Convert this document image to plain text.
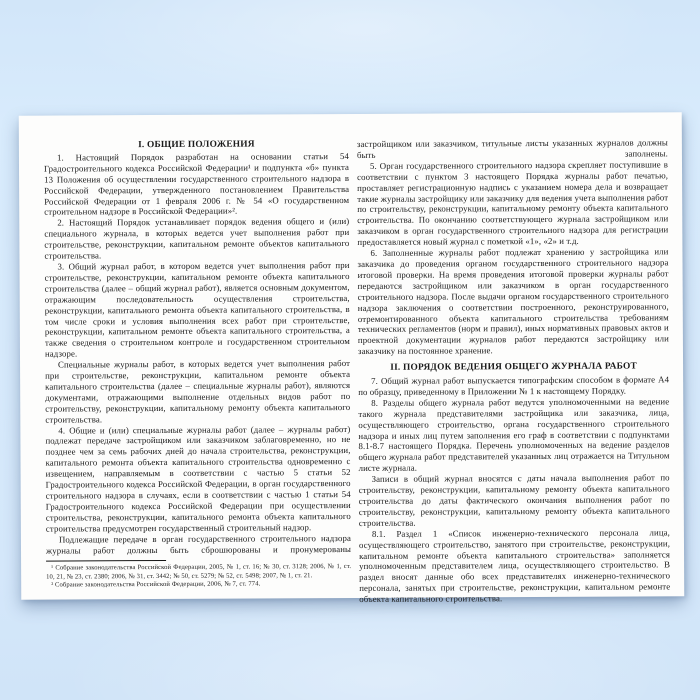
I. ОБЩИЕ ПОЛОЖЕНИЯ

1. Настоящий Порядок разработан на основании статьи 54 Градостроительного кодекса Российской Федерации¹ и подпункта «б» пункта 13 Положения об осуществлении государственного строительного надзора в Российской Федерации, утвержденного постановлением Правительства Российской Федерации от 1 февраля 2006 г. № 54 «О государственном строительном надзоре в Российской Федерации»².

2. Настоящий Порядок устанавливает порядок ведения общего и (или) специального журнала, в которых ведется учет выполнения работ при строительстве, реконструкции, капитальном ремонте объектов капитального строительства.

3. Общий журнал работ, в котором ведется учет выполнения работ при строительстве, реконструкции, капитальном ремонте объекта капитального строительства (далее – общий журнал работ), является основным документом, отражающим последовательность осуществления строительства, реконструкции, капитального ремонта объекта капитального строительства, в том числе сроки и условия выполнения всех работ при строительстве, реконструкции, капитальном ремонте объекта капитального строительства, а также сведения о строительном контроле и государственном строительном надзоре.

Специальные журналы работ, в которых ведется учет выполнения работ при строительстве, реконструкции, капитальном ремонте объекта капитального строительства (далее – специальные журналы работ), являются документами, отражающими выполнение отдельных видов работ по строительству, реконструкции, капитальному ремонту объекта капитального строительства.

4. Общие и (или) специальные журналы работ (далее – журналы работ) подлежат передаче застройщиком или заказчиком заблаговременно, но не позднее чем за семь рабочих дней до начала строительства, реконструкции, капитального ремонта объекта капитального строительства одновременно с извещением, направляемым в соответствии с частью 5 статьи 52 Градостроительного кодекса Российской Федерации, в орган государственного строительного надзора в случаях, если в соответствии с частью 1 статьи 54 Градостроительного кодекса Российской Федерации при осуществлении строительства, реконструкции, капитального ремонта объекта капитального строительства предусмотрен государственный строительный надзор.

Подлежащие передаче в орган государственного строительного надзора журналы работ должны быть сброшюрованы и пронумерованы

¹ Собрание законодательства Российской Федерации, 2005, № 1, ст. 16; № 30, ст. 3128; 2006, № 1, ст. 10, 21, № 23, ст. 2380; 2006, № 31, ст. 3442; № 50, ст. 5279; № 52, ст. 5498; 2007, № 1, ст. 21.

² Собрание законодательства Российской Федерации, 2006, № 7, ст. 774.

застройщиком или заказчиком, титульные листы указанных журналов должны быть заполнены.

5. Орган государственного строительного надзора скрепляет поступившие в соответствии с пунктом 3 настоящего Порядка журналы работ печатью, проставляет регистрационную надпись с указанием номера дела и возвращает такие журналы застройщику или заказчику для ведения учета выполнения работ по строительству, реконструкции, капитальному ремонту объекта капитального строительства. По окончанию соответствующего журнала застройщиком или заказчиком в орган государственного строительного надзора для регистрации предоставляется новый журнал с пометкой «1», «2» и т.д.

6. Заполненные журналы работ подлежат хранению у застройщика или заказчика до проведения органом государственного строительного надзора итоговой проверки. На время проведения итоговой проверки журналы работ передаются застройщиком или заказчиком в орган государственного строительного надзора. После выдачи органом государственного строительного надзора заключения о соответствии построенного, реконструированного, отремонтированного объекта капитального строительства требованиям технических регламентов (норм и правил), иных нормативных правовых актов и проектной документации журналов работ передаются застройщику или заказчику на постоянное хранение.

II. ПОРЯДОК ВЕДЕНИЯ ОБЩЕГО ЖУРНАЛА РАБОТ

7. Общий журнал работ выпускается типографским способом в формате А4 по образцу, приведенному в Приложении № 1 к настоящему Порядку.

8. Разделы общего журнала работ ведутся уполномоченными на ведение такого журнала представителями застройщика или заказчика, лица, осуществляющего строительство, органа государственного строительного надзора и иных лиц путем заполнения его граф в соответствии с подпунктами 8.1-8.7 настоящего Порядка. Перечень уполномоченных на ведение разделов общего журнала работ представителей указанных лиц отражается на Титульном листе журнала.

Записи в общий журнал вносятся с даты начала выполнения работ по строительству, реконструкции, капитальному ремонту объекта капитального строительства до даты фактического окончания выполнения работ по строительству, реконструкции, капитальному ремонту объекта капитального строительства.

8.1. Раздел 1 «Список инженерно-технического персонала лица, осуществляющего строительство, занятого при строительстве, реконструкции, капитальном ремонте объекта капитального строительства» заполняется уполномоченным представителем лица, осуществляющего строительство. В раздел вносят данные обо всех представителях инженерно-технического персонала, занятых при строительстве, реконструкции, капитальном ремонте объекта капитального строительства.
